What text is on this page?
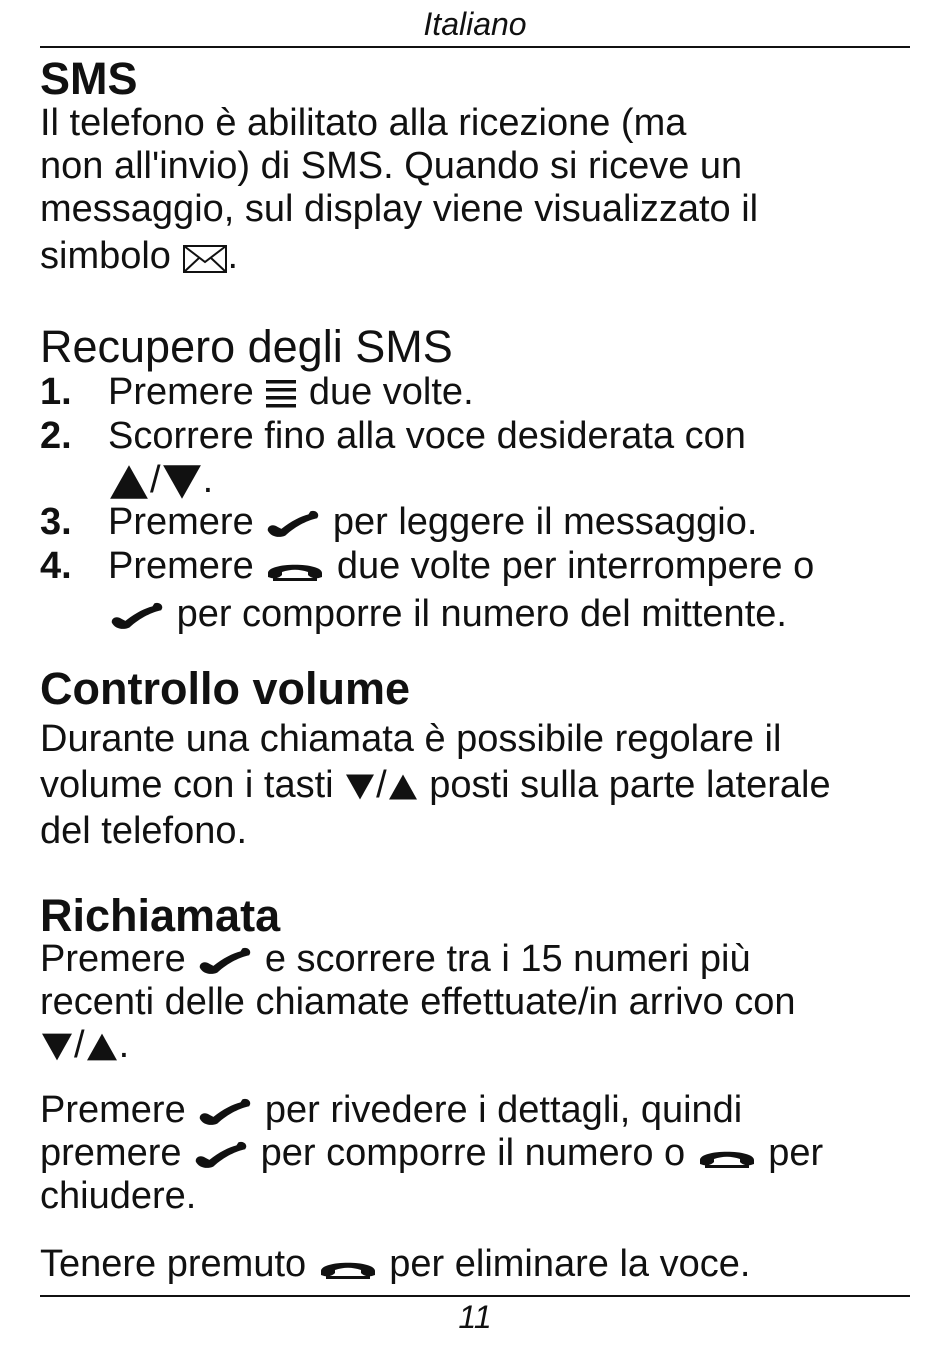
Italiano
SMS
Il telefono è abilitato alla ricezione (ma
non all'invio) di SMS. Quando si riceve un
messaggio, sul display viene visualizzato il
simbolo .
Recupero degli SMS
1. Premere due volte.
2. Scorrere fino alla voce desiderata con
/ .
3. Premere per leggere il messaggio.
4. Premere due volte per interrompere o
per comporre il numero del mittente.
Controllo volume
Durante una chiamata è possibile regolare il
volume con i tasti / posti sulla parte laterale
del telefono.
Richiamata
Premere e scorrere tra i 15 numeri più
recenti delle chiamate effettuate/in arrivo con
/ .
Premere per rivedere i dettagli, quindi
premere per comporre il numero o per
chiudere.
Tenere premuto per eliminare la voce.
11
